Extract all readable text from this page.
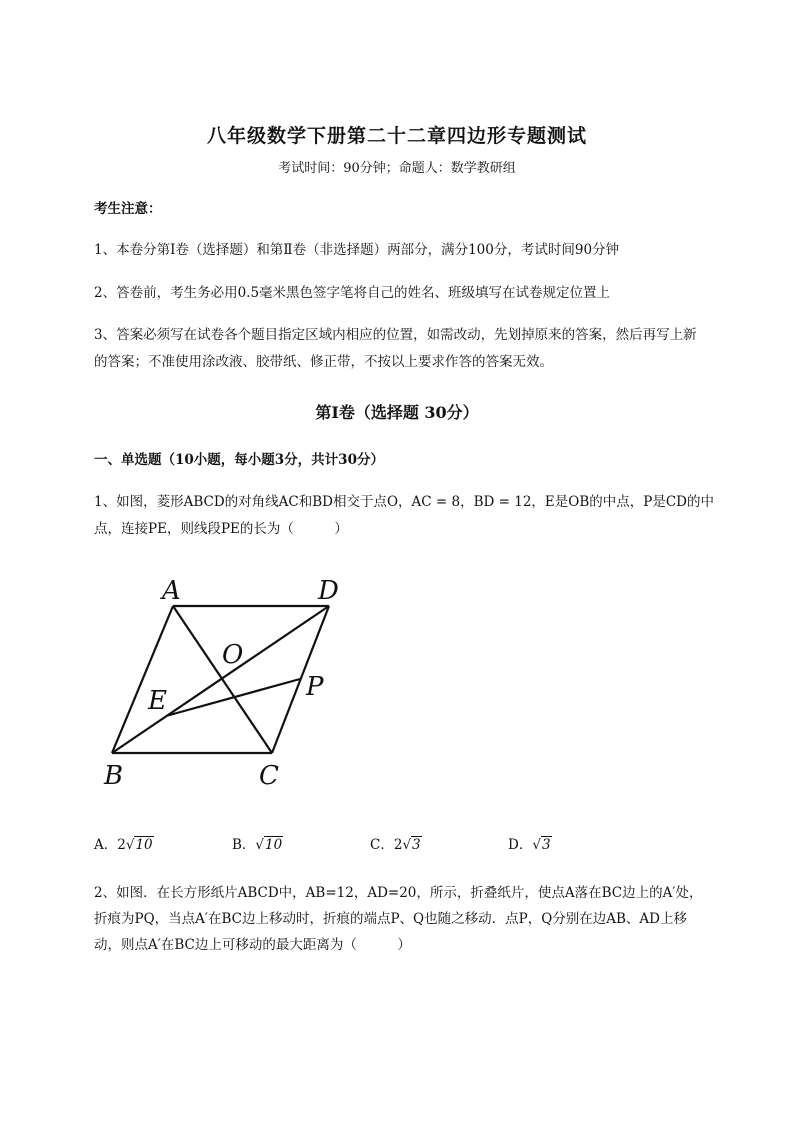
八年级数学下册第二十二章四边形专题测试
考试时间：90分钟；命题人：数学教研组
考生注意：
1、本卷分第I卷（选择题）和第Ⅱ卷（非选择题）两部分，满分100分，考试时间90分钟
2、答卷前，考生务必用0.5毫米黑色签字笔将自己的姓名、班级填写在试卷规定位置上
3、答案必须写在试卷各个题目指定区域内相应的位置，如需改动，先划掉原来的答案，然后再写上新
的答案；不准使用涂改液、胶带纸、修正带，不按以上要求作答的答案无效。
第I卷（选择题 30分）
一、单选题（10小题，每小题3分，共计30分）
1、如图，菱形ABCD的对角线AC和BD相交于点O，AC = 8，BD = 12，E是OB的中点，P是CD的中
点，连接PE，则线段PE的长为（　　　）
A	D
B	C
O
E	P
A．2√10	B．√10	C．2√3	D．√3
2、如图．在长方形纸片ABCD中，AB=12，AD=20，所示，折叠纸片，使点A落在BC边上的A′处，
折痕为PQ，当点A′在BC边上移动时，折痕的端点P、Q也随之移动．点P，Q分别在边AB、AD上移
动，则点A′在BC边上可移动的最大距离为（　　　）
